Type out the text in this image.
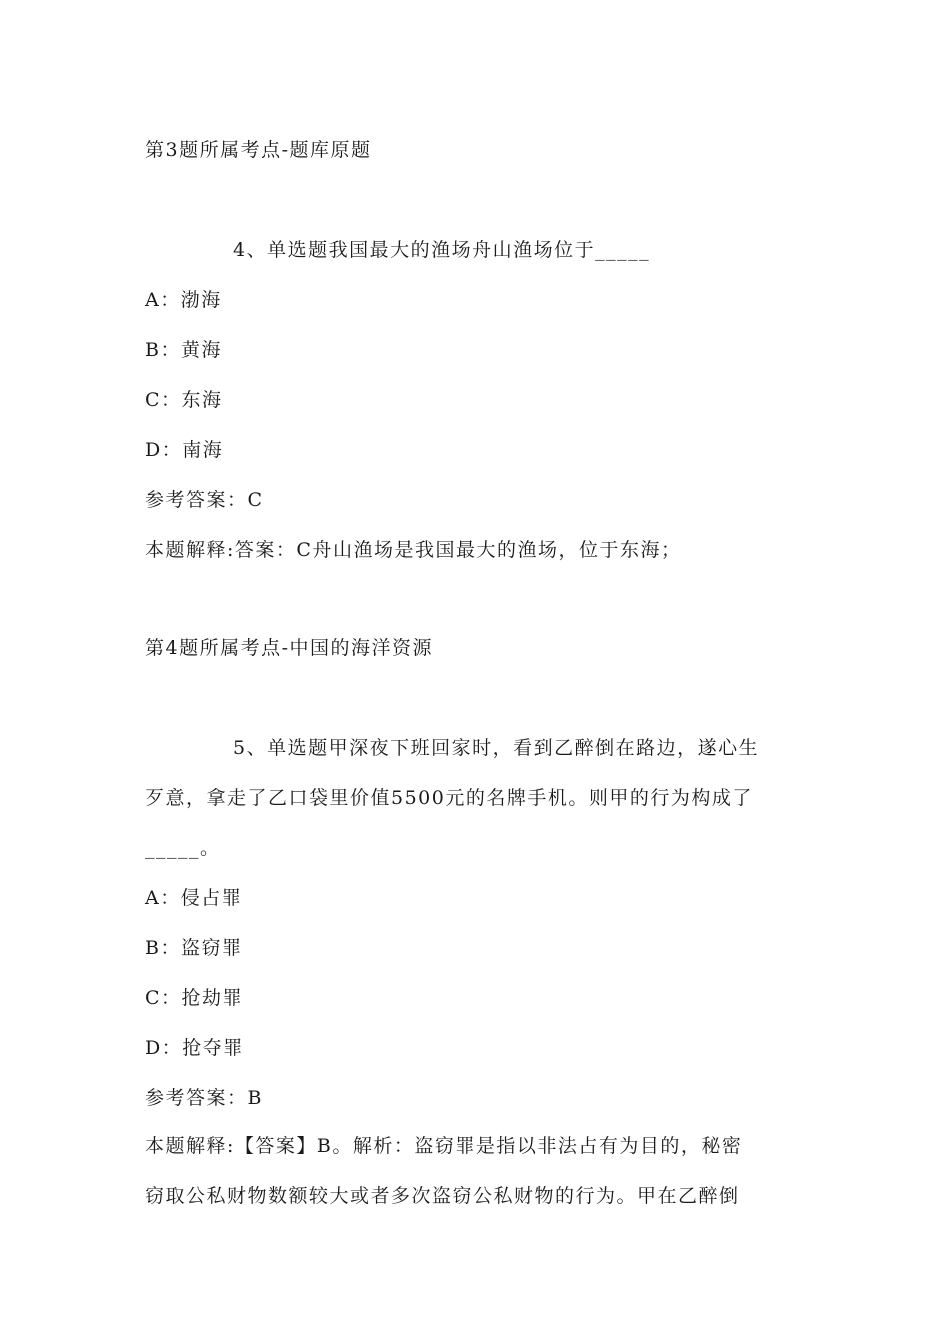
第3题所属考点-题库原题
4、单选题我国最大的渔场舟山渔场位于_____
A：渤海
B：黄海
C：东海
D：南海
参考答案：C
本题解释:答案：C舟山渔场是我国最大的渔场，位于东海；
第4题所属考点-中国的海洋资源
5、单选题甲深夜下班回家时，看到乙醉倒在路边，遂心生
歹意，拿走了乙口袋里价值5500元的名牌手机。则甲的行为构成了
_____。
A：侵占罪
B：盗窃罪
C：抢劫罪
D：抢夺罪
参考答案：B
本题解释:【答案】B。解析：盗窃罪是指以非法占有为目的，秘密
窃取公私财物数额较大或者多次盗窃公私财物的行为。甲在乙醉倒
